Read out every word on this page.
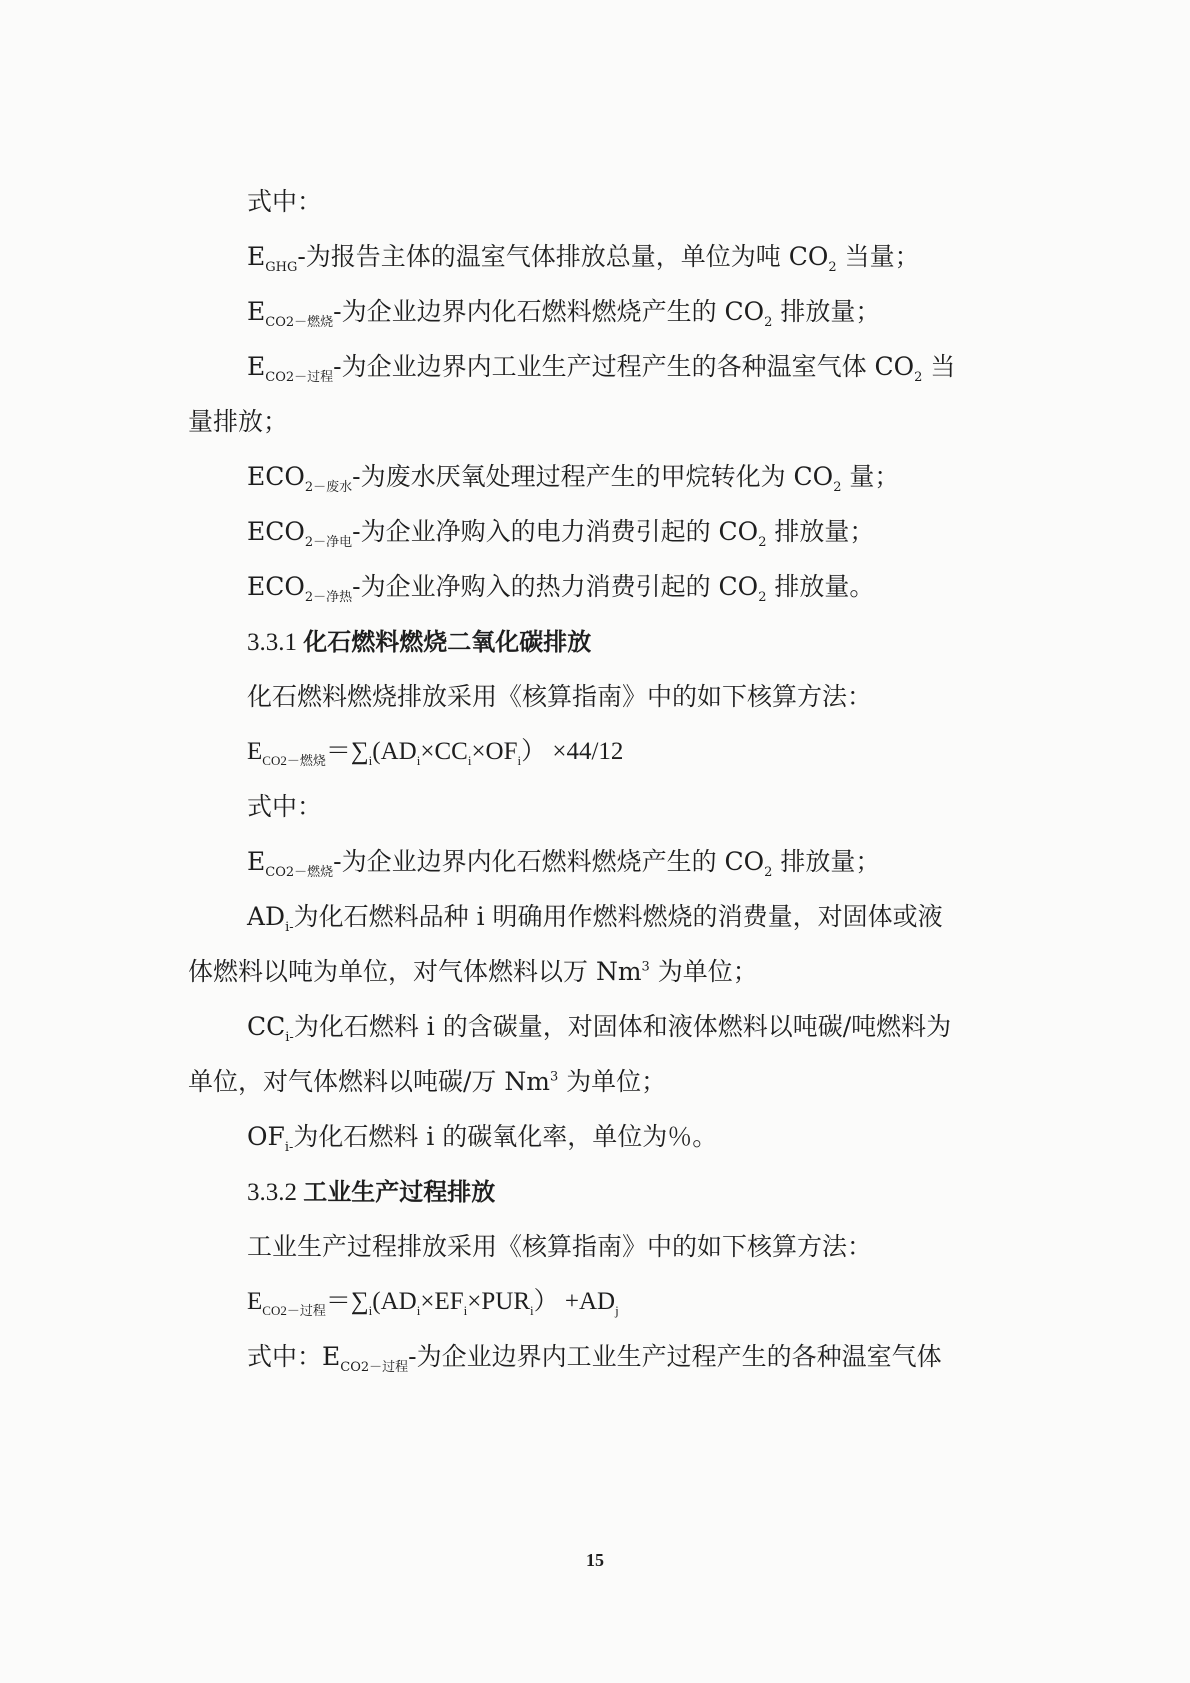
式中：
$E_{GHG}-$为报告主体的温室气体排放总量，单位为吨 $CO_2$ 当量；
$E_{CO2-燃烧}-$为企业边界内化石燃料燃烧产生的 $CO_2$ 排放量；
$E_{CO2-过程}-$为企业边界内工业生产过程产生的各种温室气体 $CO_2$ 当
量排放；
$ECO_{2-废水}-$为废水厌氧处理过程产生的甲烷转化为 $CO_2$ 量；
$ECO_{2-净电}-$为企业净购入的电力消费引起的 $CO_2$ 排放量；
$ECO_{2-净热}-$为企业净购入的热力消费引起的 $CO_2$ 排放量。
3.3.1 化石燃料燃烧二氧化碳排放
化石燃料燃烧排放采用《核算指南》中的如下核算方法：
$E_{CO2-燃烧}=\sum_i(AD_i\times CC_i\times OF_i) \times 44/12$
式中：
$E_{CO2-燃烧}-$为企业边界内化石燃料燃烧产生的 $CO_2$ 排放量；
$AD_{i-}$为化石燃料品种 i 明确用作燃料燃烧的消费量，对固体或液
体燃料以吨为单位，对气体燃料以万 Nm$^3$ 为单位；
$CC_{i-}$为化石燃料 i 的含碳量，对固体和液体燃料以吨碳/吨燃料为
单位，对气体燃料以吨碳/万 Nm$^3$ 为单位；
$OF_{i-}$为化石燃料 i 的碳氧化率，单位为％。
3.3.2 工业生产过程排放
工业生产过程排放采用《核算指南》中的如下核算方法：
$E_{CO2-过程}=\sum_i(AD_i\times EF_i\times PUR_i) +AD_j$
式中：$E_{CO2-过程}-$为企业边界内工业生产过程产生的各种温室气体
15
